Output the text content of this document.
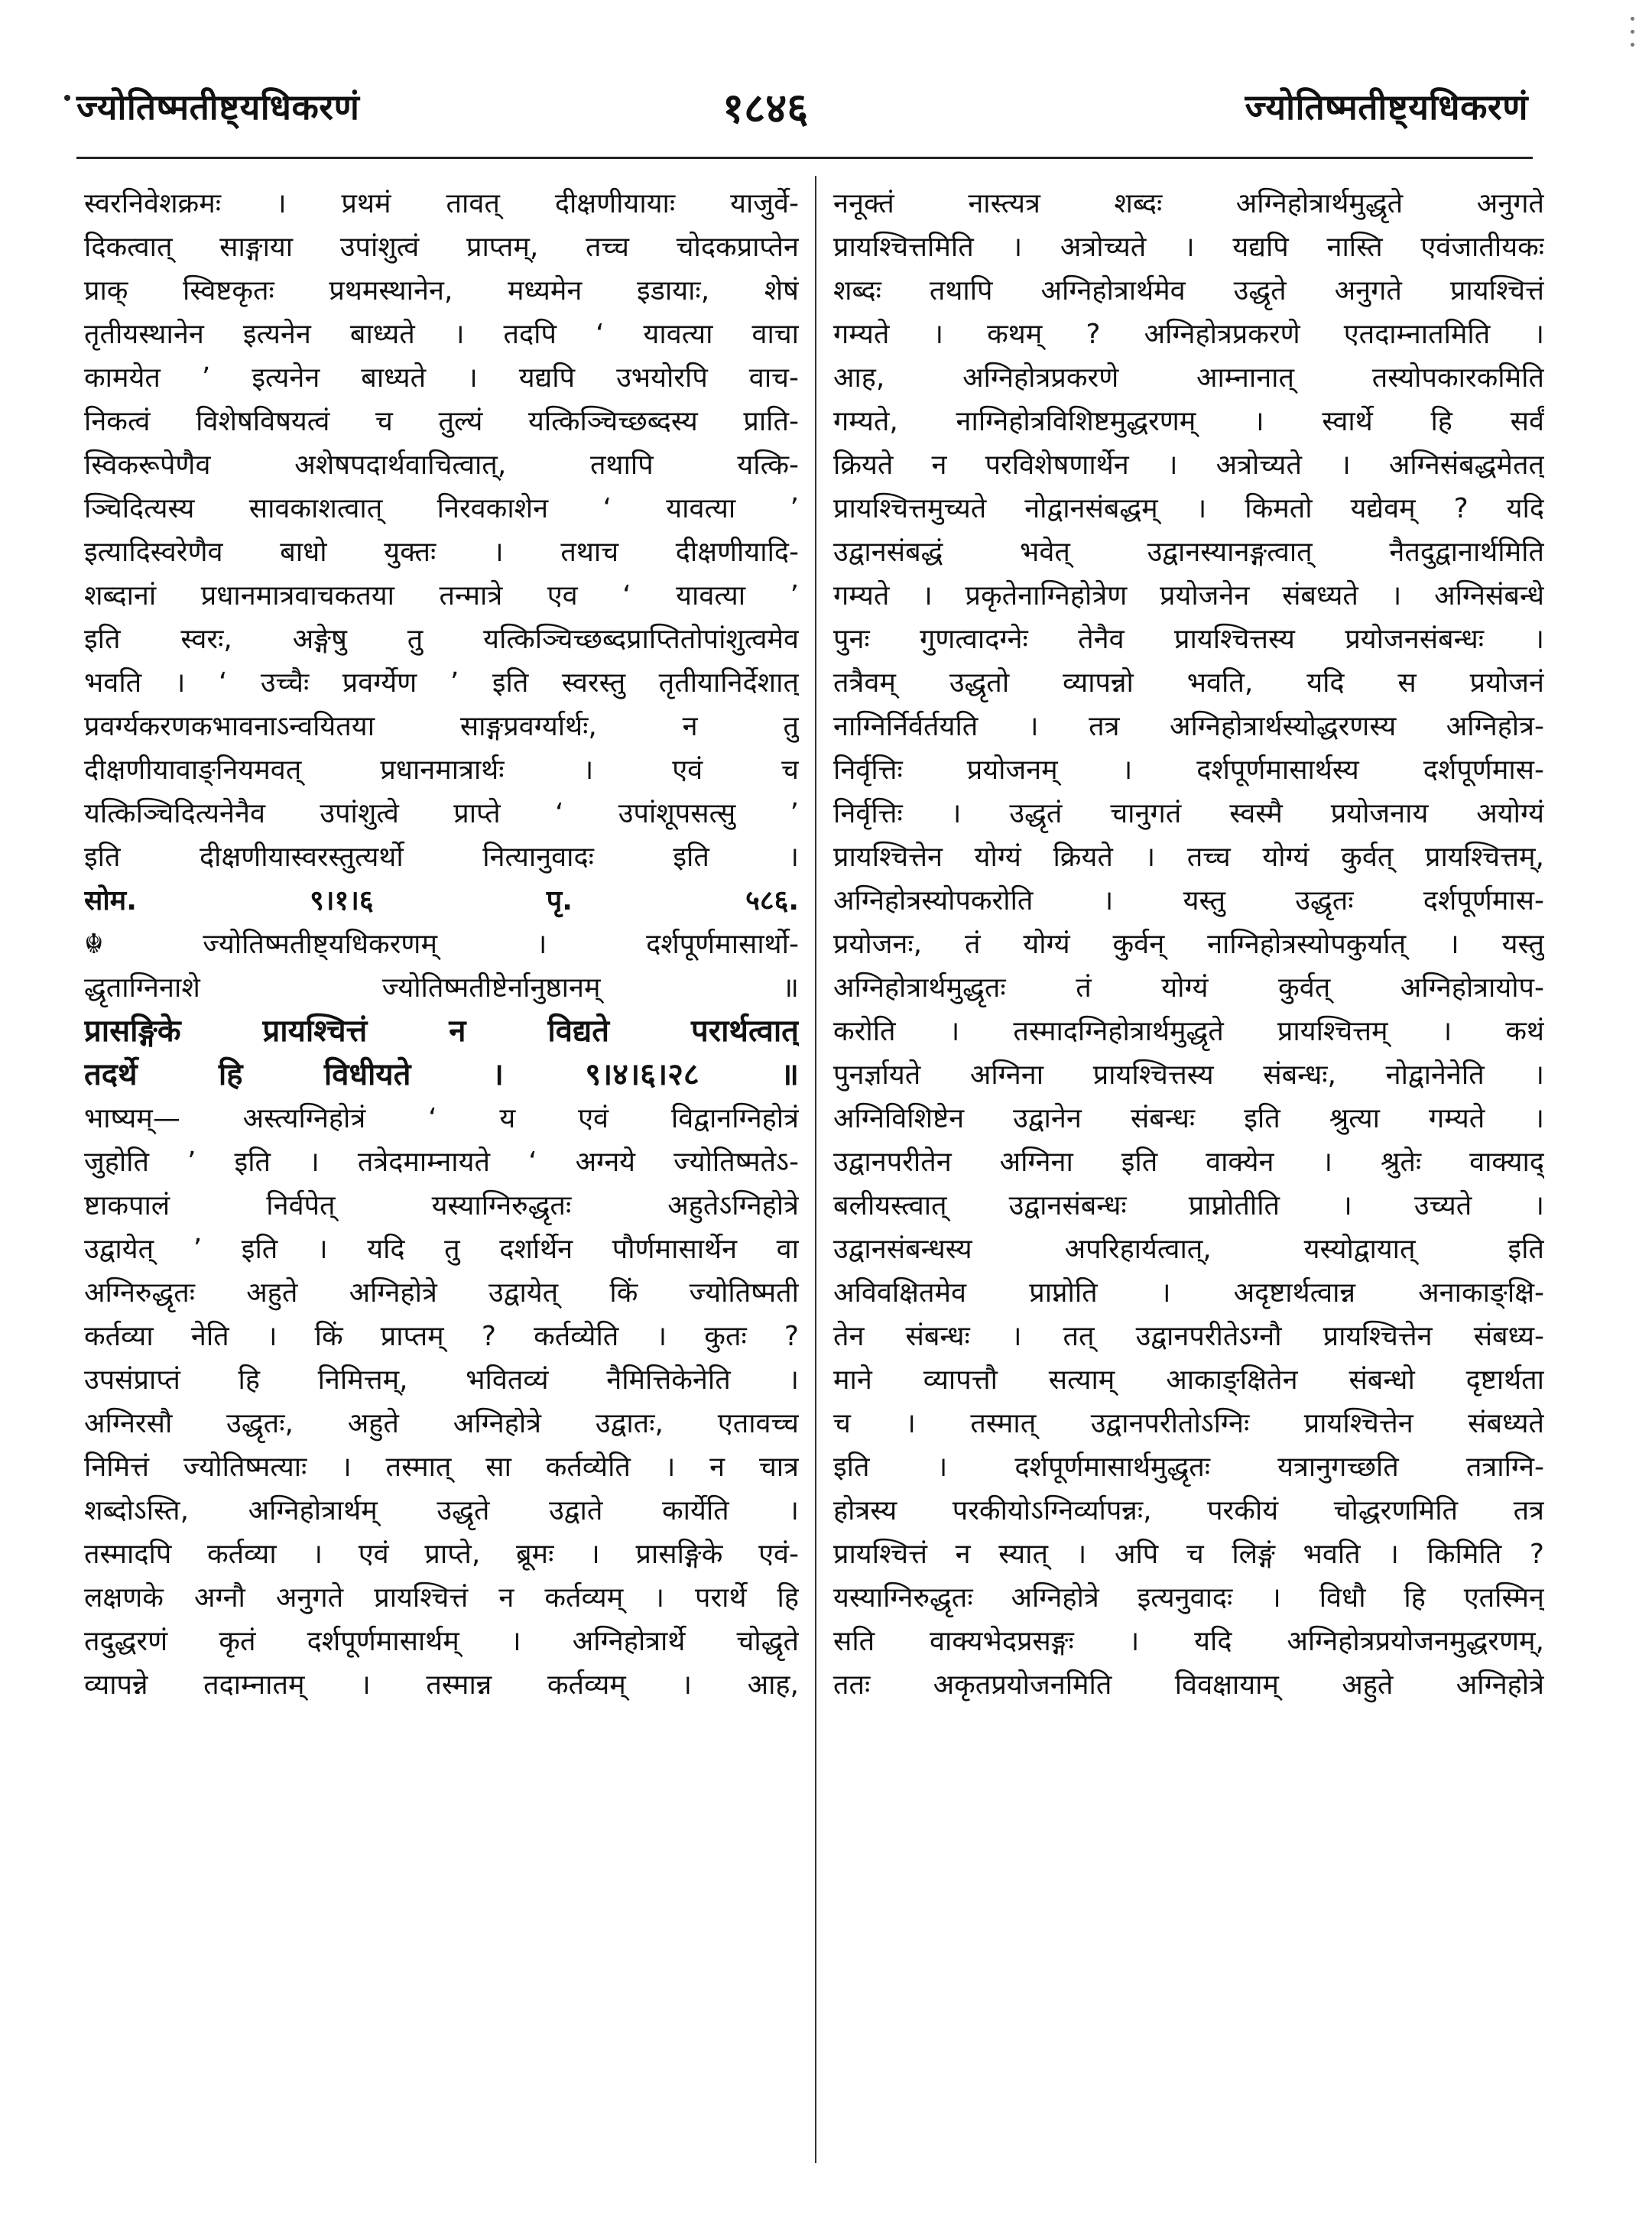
ज्योतिष्मतीष्ट्यधिकरणं	१८४६	ज्योतिष्मतीष्ट्यधिकरणं
स्वरनिवेशक्रमः । प्रथमं तावत् दीक्षणीयायाः याजुर्वे-
दिकत्वात् साङ्गाया उपांशुत्वं प्राप्तम्, तच्च चोदकप्राप्तेन
प्राक् स्विष्टकृतः प्रथमस्थानेन, मध्यमेन इडायाः, शेषं
तृतीयस्थानेन इत्यनेन बाध्यते । तदपि ‘ यावत्या वाचा
कामयेत ’ इत्यनेन बाध्यते । यद्यपि उभयोरपि वाच-
निकत्वं विशेषविषयत्वं च तुल्यं यत्किञ्चिच्छब्दस्य प्राति-
स्विकरूपेणैव अशेषपदार्थवाचित्वात्, तथापि यत्कि-
ञ्चिदित्यस्य सावकाशत्वात् निरवकाशेन ‘ यावत्या ’
इत्यादिस्वरेणैव बाधो युक्तः । तथाच दीक्षणीयादि-
शब्दानां प्रधानमात्रवाचकतया तन्मात्रे एव ‘ यावत्या ’
इति स्वरः, अङ्गेषु तु यत्किञ्चिच्छब्दप्राप्तितोपांशुत्वमेव
भवति । ‘ उच्चैः प्रवर्ग्येण ’ इति स्वरस्तु तृतीयानिर्देशात्
प्रवर्ग्यकरणकभावनाऽन्वयितया साङ्गप्रवर्ग्यार्थः, न तु
दीक्षणीयावाङ्नियमवत् प्रधानमात्रार्थः । एवं च
यत्किञ्चिदित्यनेनैव उपांशुत्वे प्राप्ते ‘ उपांशूपसत्सु ’
इति दीक्षणीयास्वरस्तुत्यर्थो नित्यानुवादः इति ।
सोम. ९।१।६ पृ. ५८६.
☬ ज्योतिष्मतीष्ट्यधिकरणम् । दर्शपूर्णमासार्थो-
द्धृताग्निनाशे ज्योतिष्मतीष्टेर्नानुष्ठानम् ॥
प्रासङ्गिके प्रायश्चित्तं न विद्यते परार्थत्वात्
तदर्थे हि विधीयते । ९।४।६।२८ ॥
भाष्यम्— अस्त्यग्निहोत्रं ‘ य एवं विद्वानग्निहोत्रं
जुहोति ’ इति । तत्रेदमाम्नायते ‘ अग्नये ज्योतिष्मतेऽ-
ष्टाकपालं निर्वपेत् यस्याग्निरुद्धृतः अहुतेऽग्निहोत्रे
उद्वायेत् ’ इति । यदि तु दर्शार्थेन पौर्णमासार्थेन वा
अग्निरुद्धृतः अहुते अग्निहोत्रे उद्वायेत् किं ज्योतिष्मती
कर्तव्या नेति । किं प्राप्तम् ? कर्तव्येति । कुतः ?
उपसंप्राप्तं हि निमित्तम्, भवितव्यं नैमित्तिकेनेति ।
अग्निरसौ उद्धृतः, अहुते अग्निहोत्रे उद्वातः, एतावच्च
निमित्तं ज्योतिष्मत्याः । तस्मात् सा कर्तव्येति । न चात्र
शब्दोऽस्ति, अग्निहोत्रार्थम् उद्धृते उद्वाते कार्येति ।
तस्मादपि कर्तव्या । एवं प्राप्ते, ब्रूमः । प्रासङ्गिके एवं-
लक्षणके अग्नौ अनुगते प्रायश्चित्तं न कर्तव्यम् । परार्थे हि
तदुद्धरणं कृतं दर्शपूर्णमासार्थम् । अग्निहोत्रार्थे चोद्धृते
व्यापन्ने तदाम्नातम् । तस्मान्न कर्तव्यम् । आह,
ननूक्तं नास्त्यत्र शब्दः अग्निहोत्रार्थमुद्धृते अनुगते
प्रायश्चित्तमिति । अत्रोच्यते । यद्यपि नास्ति एवंजातीयकः
शब्दः तथापि अग्निहोत्रार्थमेव उद्धृते अनुगते प्रायश्चित्तं
गम्यते । कथम् ? अग्निहोत्रप्रकरणे एतदाम्नातमिति ।
आह, अग्निहोत्रप्रकरणे आम्नानात् तस्योपकारकमिति
गम्यते, नाग्निहोत्रविशिष्टमुद्धरणम् । स्वार्थे हि सर्वं
क्रियते न परविशेषणार्थेन । अत्रोच्यते । अग्निसंबद्धमेतत्
प्रायश्चित्तमुच्यते नोद्वानसंबद्धम् । किमतो यद्येवम् ? यदि
उद्वानसंबद्धं भवेत् उद्वानस्यानङ्गत्वात् नैतदुद्वानार्थमिति
गम्यते । प्रकृतेनाग्निहोत्रेण प्रयोजनेन संबध्यते । अग्निसंबन्धे
पुनः गुणत्वादग्नेः तेनैव प्रायश्चित्तस्य प्रयोजनसंबन्धः ।
तत्रैवम् उद्धृतो व्यापन्नो भवति, यदि स प्रयोजनं
नाग्निर्निर्वर्तयति । तत्र अग्निहोत्रार्थस्योद्धरणस्य अग्निहोत्र-
निर्वृत्तिः प्रयोजनम् । दर्शपूर्णमासार्थस्य दर्शपूर्णमास-
निर्वृत्तिः । उद्धृतं चानुगतं स्वस्मै प्रयोजनाय अयोग्यं
प्रायश्चित्तेन योग्यं क्रियते । तच्च योग्यं कुर्वत् प्रायश्चित्तम्,
अग्निहोत्रस्योपकरोति । यस्तु उद्धृतः दर्शपूर्णमास-
प्रयोजनः, तं योग्यं कुर्वन् नाग्निहोत्रस्योपकुर्यात् । यस्तु
अग्निहोत्रार्थमुद्धृतः तं योग्यं कुर्वत् अग्निहोत्रायोप-
करोति । तस्मादग्निहोत्रार्थमुद्धृते प्रायश्चित्तम् । कथं
पुनर्ज्ञायते अग्निना प्रायश्चित्तस्य संबन्धः, नोद्वानेनेति ।
अग्निविशिष्टेन उद्वानेन संबन्धः इति श्रुत्या गम्यते ।
उद्वानपरीतेन अग्निना इति वाक्येन । श्रुतेः वाक्याद्
बलीयस्त्वात् उद्वानसंबन्धः प्राप्नोतीति । उच्यते ।
उद्वानसंबन्धस्य अपरिहार्यत्वात्, यस्योद्वायात् इति
अविवक्षितमेव प्राप्नोति । अदृष्टार्थत्वान्न अनाकाङ्क्षि-
तेन संबन्धः । तत् उद्वानपरीतेऽग्नौ प्रायश्चित्तेन संबध्य-
माने व्यापत्तौ सत्याम् आकाङ्क्षितेन संबन्धो दृष्टार्थता
च । तस्मात् उद्वानपरीतोऽग्निः प्रायश्चित्तेन संबध्यते
इति । दर्शपूर्णमासार्थमुद्धृतः यत्रानुगच्छति तत्राग्नि-
होत्रस्य परकीयोऽग्निर्व्यापन्नः, परकीयं चोद्धरणमिति तत्र
प्रायश्चित्तं न स्यात् । अपि च लिङ्गं भवति । किमिति ?
यस्याग्निरुद्धृतः अग्निहोत्रे इत्यनुवादः । विधौ हि एतस्मिन्
सति वाक्यभेदप्रसङ्गः । यदि अग्निहोत्रप्रयोजनमुद्धरणम्,
ततः अकृतप्रयोजनमिति विवक्षायाम् अहुते अग्निहोत्रे
